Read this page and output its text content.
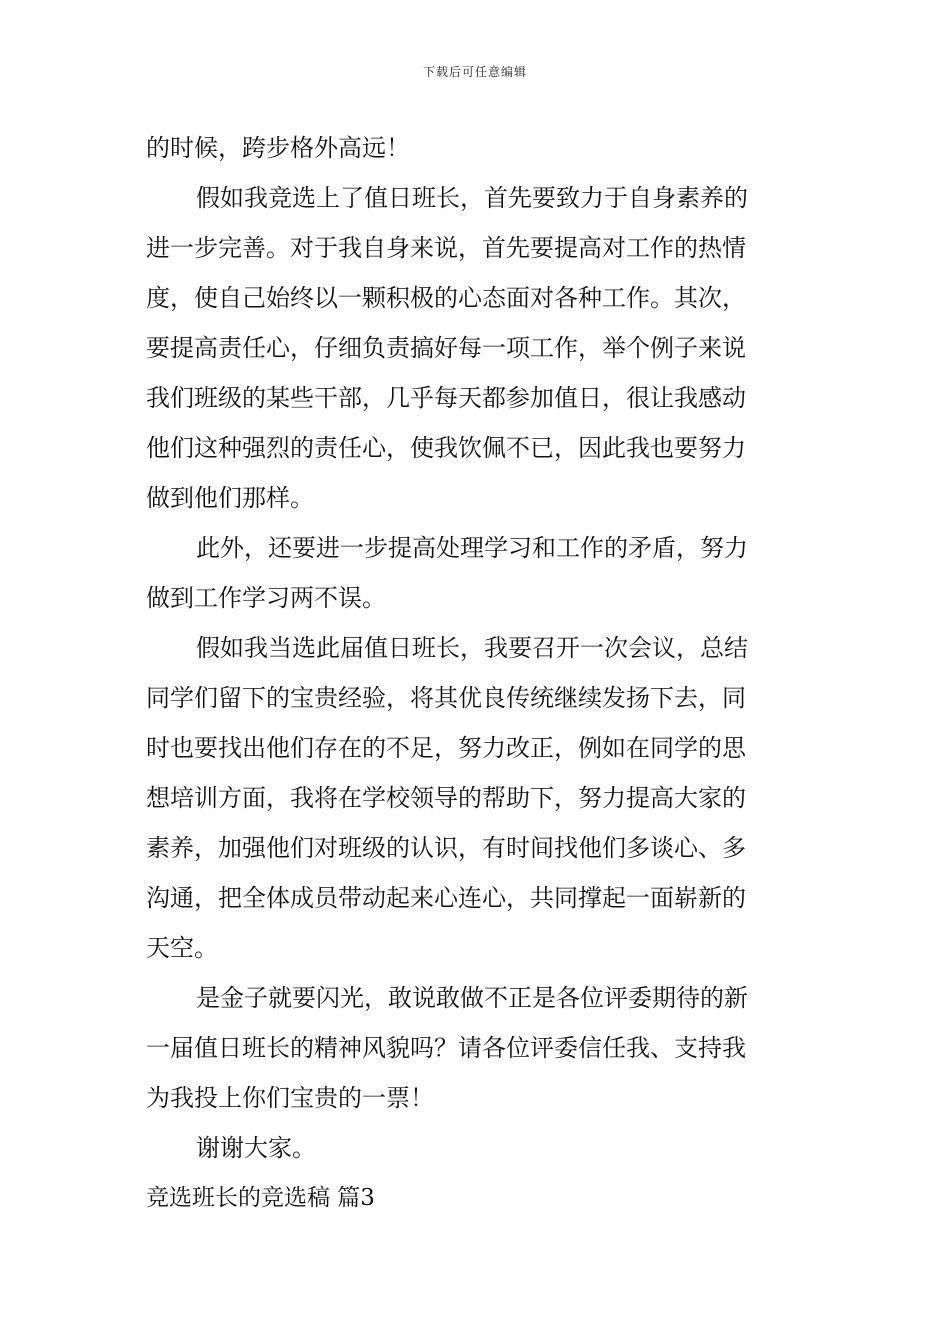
下载后可任意编辑
的时候，跨步格外高远！
假如我竞选上了值日班长，首先要致力于自身素养的
进一步完善。对于我自身来说，首先要提高对工作的热情
度，使自己始终以一颗积极的心态面对各种工作。其次，
要提高责任心，仔细负责搞好每一项工作，举个例子来说
我们班级的某些干部，几乎每天都参加值日，很让我感动
他们这种强烈的责任心，使我饮佩不已，因此我也要努力
做到他们那样。
此外，还要进一步提高处理学习和工作的矛盾，努力
做到工作学习两不误。
假如我当选此届值日班长，我要召开一次会议，总结
同学们留下的宝贵经验，将其优良传统继续发扬下去，同
时也要找出他们存在的不足，努力改正，例如在同学的思
想培训方面，我将在学校领导的帮助下，努力提高大家的
素养，加强他们对班级的认识，有时间找他们多谈心、多
沟通，把全体成员带动起来心连心，共同撑起一面崭新的
天空。
是金子就要闪光，敢说敢做不正是各位评委期待的新
一届值日班长的精神风貌吗？请各位评委信任我、支持我
为我投上你们宝贵的一票！
谢谢大家。
竞选班长的竞选稿 篇3
